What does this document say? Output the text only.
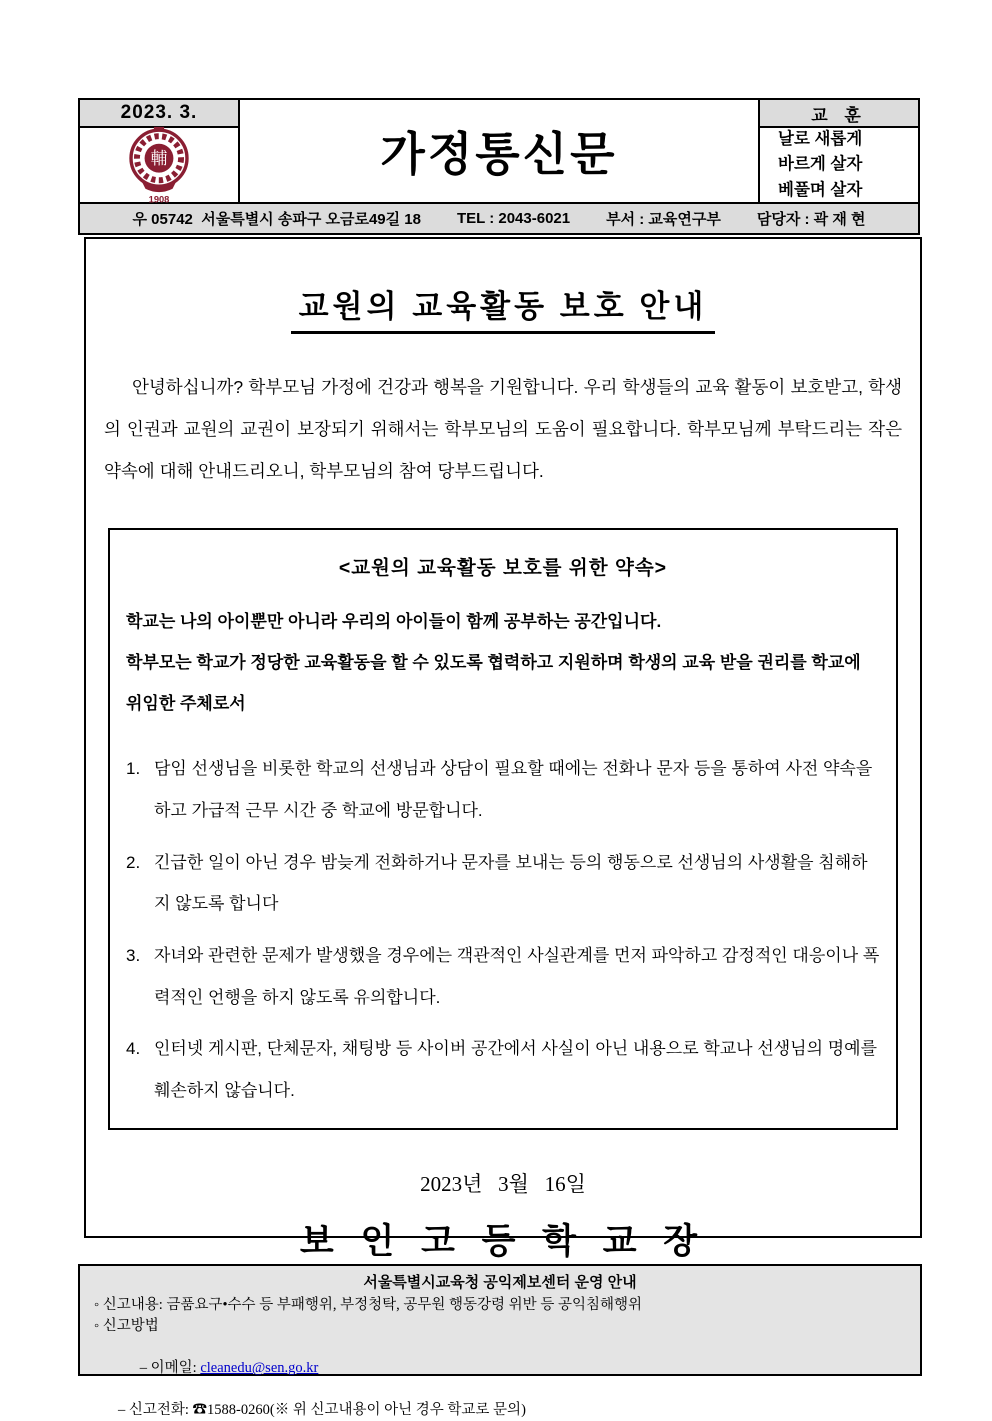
2023. 3.
輔
1908
가정통신문
교 훈
날로 새롭게
바르게 살자
베풀며 살자
우 05742  서울특별시 송파구 오금로49길 18 TEL : 2043-6021 부서 : 교육연구부 담당자 : 곽 재 현
교원의 교육활동 보호 안내

안녕하십니까? 학부모님 가정에 건강과 행복을 기원합니다. 우리 학생들의 교육 활동이 보호받고, 학생의 인권과 교원의 교권이 보장되기 위해서는 학부모님의 도움이 필요합니다. 학부모님께 부탁드리는 작은 약속에 대해 안내드리오니, 학부모님의 참여 당부드립니다.

<교원의 교육활동 보호를 위한 약속>
학교는 나의 아이뿐만 아니라 우리의 아이들이 함께 공부하는 공간입니다.
학부모는 학교가 정당한 교육활동을 할 수 있도록 협력하고 지원하며 학생의 교육 받을 권리를 학교에 위임한 주체로서
1. 담임 선생님을 비롯한 학교의 선생님과 상담이 필요할 때에는 전화나 문자 등을 통하여 사전 약속을 하고 가급적 근무 시간 중 학교에 방문합니다.
2. 긴급한 일이 아닌 경우 밤늦게 전화하거나 문자를 보내는 등의 행동으로 선생님의 사생활을 침해하지 않도록 합니다
3. 자녀와 관련한 문제가 발생했을 경우에는 객관적인 사실관계를 먼저 파악하고 감정적인 대응이나 폭력적인 언행을 하지 않도록 유의합니다.
4. 인터넷 게시판, 단체문자, 채팅방 등 사이버 공간에서 사실이 아닌 내용으로 학교나 선생님의 명예를 훼손하지 않습니다.
2023년   3월   16일
보 인 고 등 학 교 장
서울특별시교육청 공익제보센터 운영 안내
◦ 신고내용: 금품요구•수수 등 부패행위, 부정청탁, 공무원 행동강령 위반 등 공익침해행위
◦ 신고방법

– 이메일: cleanedu@sen.go.kr

– 신고전화: ☎1588-0260(※ 위 신고내용이 아닌 경우 학교로 문의)
